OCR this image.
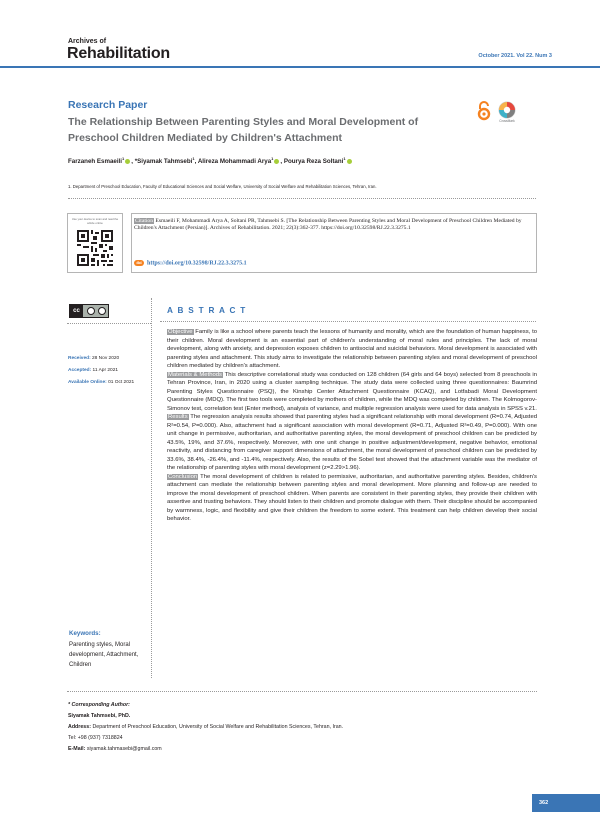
Archives of
Rehabilitation	October 2021. Vol 22. Num 3
Research Paper
The Relationship Between Parenting Styles and Moral Development of Preschool Children Mediated by Children's Attachment
CrossMark
Farzaneh Esmaeili$^1$ , *Siyamak Tahmsebi$^1$, Alireza Mohammadi Arya$^1$ , Pourya Reza Soltani$^1$
1. Department of Preschool Education, Faculty of Educational Sciences and Social Welfare, University of Social Welfare and Rehabilitation Sciences, Tehran, Iran.
Use your device to scan and read the article online	Citation Esmaeili F, Mohammadi Arya A, Soltani PR, Tahmsebi S. [The Relationship Between Parenting Styles and Moral Development of Preschool Children Mediated by Children's Attachment (Persian)]. Archives of Rehabilitation. 2021; 22(3):362-377. https://doi.org/10.32598/RJ.22.3.3275.1
doi https://doi.org/10.32598/RJ.22.3.3275.1
cc	A B S T R A C T
Received: 28 Nov 2020
Accepted: 11 Apr 2021
Available Online: 01 Oct 2021

Objective Family is like a school where parents teach the lessons of humanity and morality, which are the foundation of human happiness, to their children. Moral development is an essential part of children's understanding of moral rules and principles. The lack of moral development, along with anxiety, and depression exposes children to antisocial and suicidal behaviors. Moral development is associated with parenting styles and attachment. This study aims to investigate the relationship between parenting styles and moral development of preschool children mediated by children's attachment.

Materials & Methods This descriptive correlational study was conducted on 128 children (64 girls and 64 boys) selected from 8 preschools in Tehran Province, Iran, in 2020 using a cluster sampling technique. The study data were collected using three questionnaires: Baumrind Parenting Styles Questionnaire (PSQ), the Kinship Center Attachment Questionnaire (KCAQ), and Lotfabadi Moral Development Questionnaire (MDQ). The first two tools were completed by mothers of children, while the MDQ was completed by children. The Kolmogorov-Simonov test, correlation test (Enter method), analysis of variance, and multiple regression analysis were used for data analysis in SPSS v.21.

Results The regression analysis results showed that parenting styles had a significant relationship with moral development (R=0.74, Adjusted R²=0.54, P=0.000). Also, attachment had a significant association with moral development (R=0.71, Adjusted R²=0.49, P=0.000). With one unit change in permissive, authoritarian, and authoritative parenting styles, the moral development of preschool children can be predicted by 43.5%, 19%, and 37.6%, respectively. Moreover, with one unit change in positive adjustment/development, negative behavior, emotional reactivity, and distancing from caregiver support dimensions of attachment, the moral development of preschool children can be predicted by 33.6%, 38.4%, -26.4%, and -11.4%, respectively. Also, the results of the Sobel test showed that the attachment variable was the mediator of the relationship of parenting styles with moral development (z=2.29>1.96).

Conclusion The moral development of children is related to permissive, authoritarian, and authoritative parenting styles. Besides, children's attachment can mediate the relationship between parenting styles and moral development. More planning and follow-up are needed to improve the moral development of preschool children. When parents are consistent in their parenting styles, they provide their children with assertive and trusting behaviors. They should listen to their children and promote dialogue with them. Their discipline should be accompanied by warmness, logic, and flexibility and give their children the freedom to some extent. This treatment can help children develop their social behavior.

Keywords:
Parenting styles, Moral development, Attachment, Children
* Corresponding Author:
Siyamak Tahmsebi, PhD.
Address: Department of Preschool Education, University of Social Welfare and Rehabilitation Sciences, Tehran, Iran.
Tel: +98 (937) 7318824
E-Mail: siyamak.tahmasebi@gmail.com
362
